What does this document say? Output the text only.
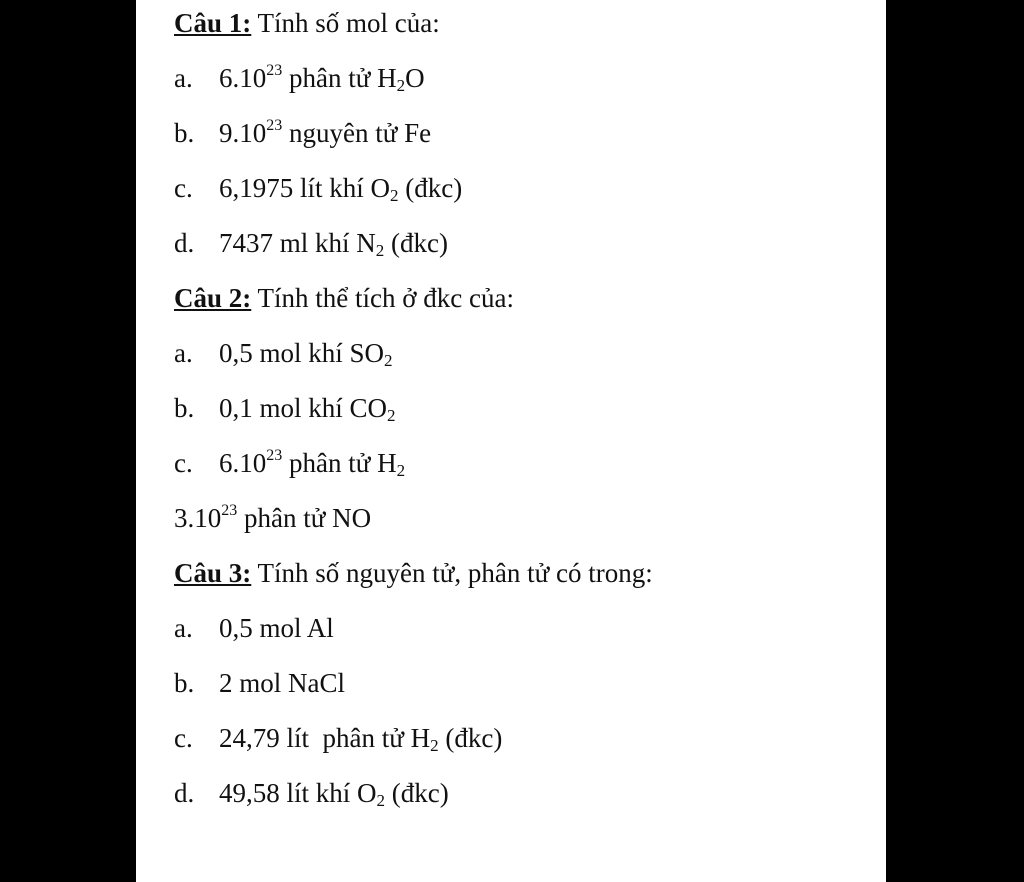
Câu 1: Tính số mol của:
a. 6.10$^{23}$ phân tử $H_2O$
b. 9.10$^{23}$ nguyên tử Fe
c. 6,1975 lít khí $O_2$ (đkc)
d. 7437 ml khí $N_2$ (đkc)
Câu 2: Tính thể tích ở đkc của:
a. 0,5 mol khí $SO_2$
b. 0,1 mol khí $CO_2$
c. 6.10$^{23}$ phân tử $H_2$
3.10$^{23}$ phân tử NO
Câu 3: Tính số nguyên tử, phân tử có trong:
a. 0,5 mol Al
b. 2 mol NaCl
c. 24,79 lít  phân tử $H_2$ (đkc)
d. 49,58 lít khí $O_2$ (đkc)
